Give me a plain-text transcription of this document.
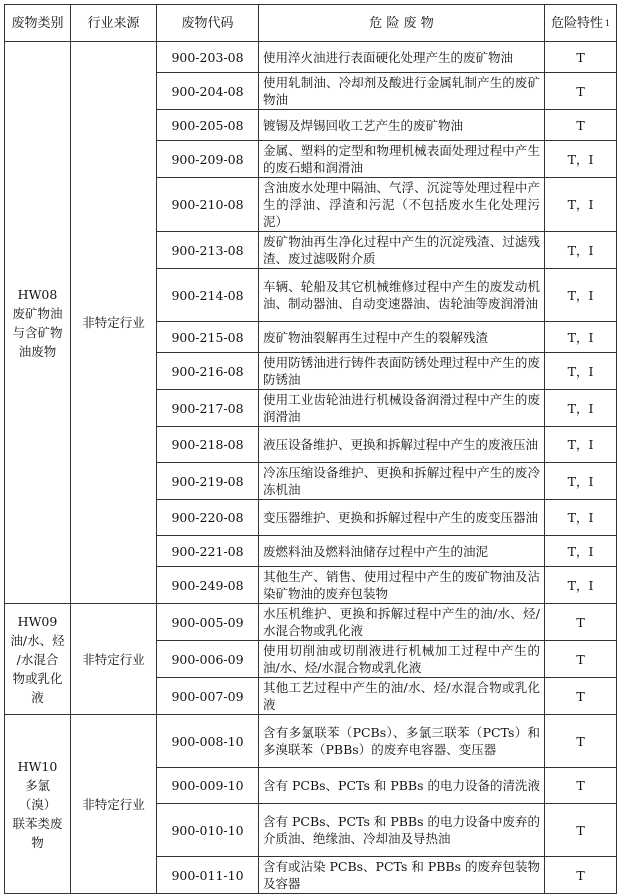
废物类别	行业来源	废物代码	危 险 废 物	危险特性 $^1$

HW08
废矿物油
与含矿物
油废物	非特定行业	900-203-08	使用淬火油进行表面硬化处理产生的废矿物油	T
		900-204-08	使用轧制油、冷却剂及酸进行金属轧制产生的废矿物油	T
		900-205-08	镀锡及焊锡回收工艺产生的废矿物油	T
		900-209-08	金属、塑料的定型和物理机械表面处理过程中产生的废石蜡和润滑油	T，I
		900-210-08	含油废水处理中隔油、气浮、沉淀等处理过程中产生的浮油、浮渣和污泥（不包括废水生化处理污泥）	T，I
		900-213-08	废矿物油再生净化过程中产生的沉淀残渣、过滤残渣、废过滤吸附介质	T，I
		900-214-08	车辆、轮船及其它机械维修过程中产生的废发动机油、制动器油、自动变速器油、齿轮油等废润滑油	T，I
		900-215-08	废矿物油裂解再生过程中产生的裂解残渣	T，I
		900-216-08	使用防锈油进行铸件表面防锈处理过程中产生的废防锈油	T，I
		900-217-08	使用工业齿轮油进行机械设备润滑过程中产生的废润滑油	T，I
		900-218-08	液压设备维护、更换和拆解过程中产生的废液压油	T，I
		900-219-08	冷冻压缩设备维护、更换和拆解过程中产生的废冷冻机油	T，I
		900-220-08	变压器维护、更换和拆解过程中产生的废变压器油	T，I
		900-221-08	废燃料油及燃料油储存过程中产生的油泥	T，I
		900-249-08	其他生产、销售、使用过程中产生的废矿物油及沾染矿物油的废弃包装物	T，I

HW09
油/水、烃
/水混合
物或乳化
液	非特定行业	900-005-09	水压机维护、更换和拆解过程中产生的油/水、烃/水混合物或乳化液	T
		900-006-09	使用切削油或切削液进行机械加工过程中产生的油/水、烃/水混合物或乳化液	T
		900-007-09	其他工艺过程中产生的油/水、烃/水混合物或乳化液	T

HW10
多氯（溴）
联苯类废
物	非特定行业	900-008-10	含有多氯联苯（PCBs）、多氯三联苯（PCTs）和多溴联苯（PBBs）的废弃电容器、变压器	T
		900-009-10	含有 PCBs、PCTs 和 PBBs 的电力设备的清洗液	T
		900-010-10	含有 PCBs、PCTs 和 PBBs 的电力设备中废弃的介质油、绝缘油、冷却油及导热油	T
		900-011-10	含有或沾染 PCBs、PCTs 和 PBBs 的废弃包装物及容器	T
